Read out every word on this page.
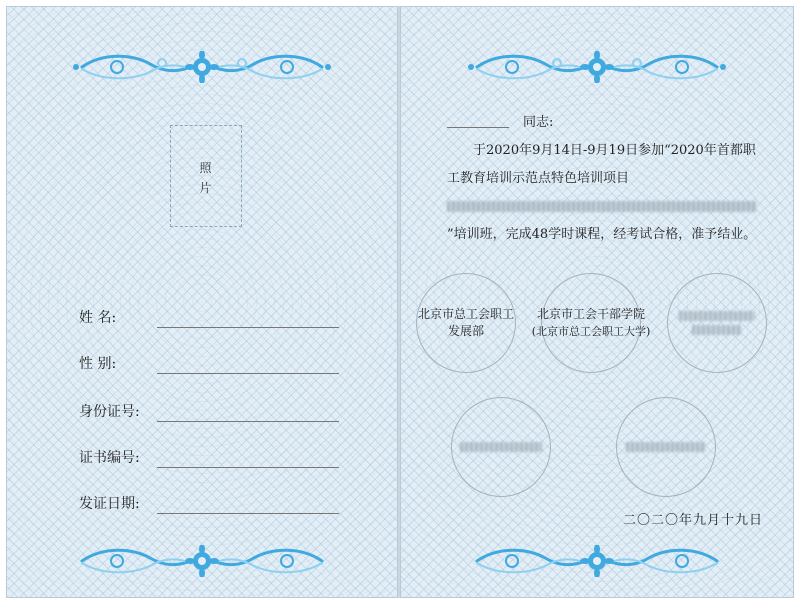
照
片
姓 名:
性 别:
身份证号:
证书编号:
发证日期:
同志:
于2020年9月14日-9月19日参加“2020年首都职工教育培训示范点特色培训项目”培训班，完成48学时课程，经考试合格，准予结业。
北京市总工会职工
发展部
北京市工会干部学院
(北京市总工会职工大学)
二〇二〇年九月十九日
